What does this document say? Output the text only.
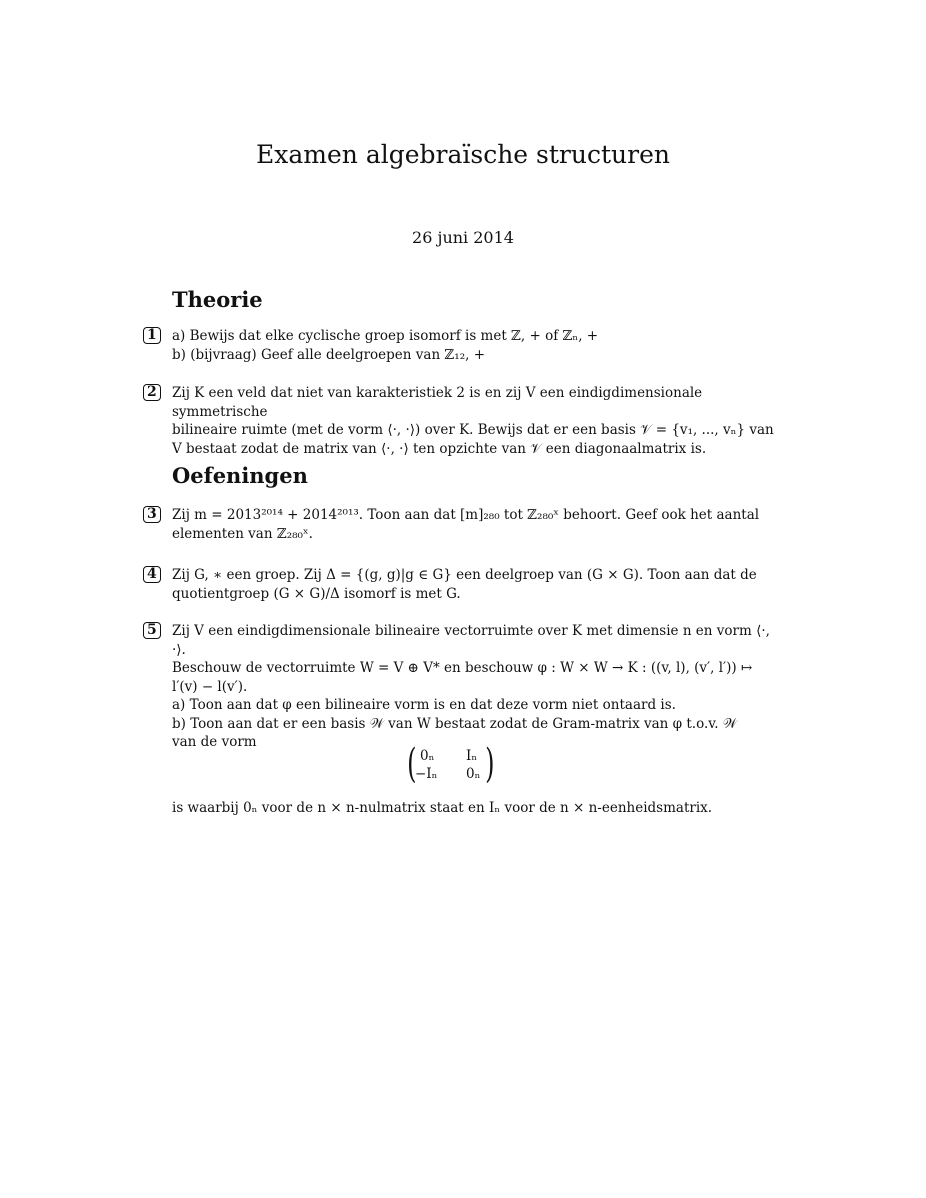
Examen algebraïsche structuren
26 juni 2014
Theorie
1 a) Bewijs dat elke cyclische groep isomorf is met ℤ, + of ℤₙ, +

b) (bijvraag) Geef alle deelgroepen van ℤ₁₂, +

2 Zij K een veld dat niet van karakteristiek 2 is en zij V een eindigdimensionale symmetrische

bilineaire ruimte (met de vorm ⟨·, ·⟩) over K. Bewijs dat er een basis 𝒱 = {v₁, ..., vₙ} van

V bestaat zodat de matrix van ⟨·, ·⟩ ten opzichte van 𝒱 een diagonaalmatrix is.

Oefeningen
3 Zij m = 2013²⁰¹⁴ + 2014²⁰¹³. Toon aan dat [m]₂₈₀ tot ℤ₂₈₀ˣ behoort. Geef ook het aantal

elementen van ℤ₂₈₀ˣ.

4 Zij G, ∗ een groep. Zij Δ = {(g, g)|g ∈ G} een deelgroep van (G × G). Toon aan dat de

quotientgroep (G × G)/Δ isomorf is met G.

5 Zij V een eindigdimensionale bilineaire vectorruimte over K met dimensie n en vorm ⟨·, ·⟩.

Beschouw de vectorruimte W = V ⊕ V* en beschouw φ : W × W → K : ((v, l), (v′, l′)) ↦

l′(v) − l(v′).

a) Toon aan dat φ een bilineaire vorm is en dat deze vorm niet ontaard is.

b) Toon aan dat er een basis 𝒲 van W bestaat zodat de Gram-matrix van φ t.o.v. 𝒲

van de vorm	( 0ₙ Iₙ
−Iₙ 0ₙ )
is waarbij 0ₙ voor de n × n-nulmatrix staat en Iₙ voor de n × n-eenheidsmatrix.
